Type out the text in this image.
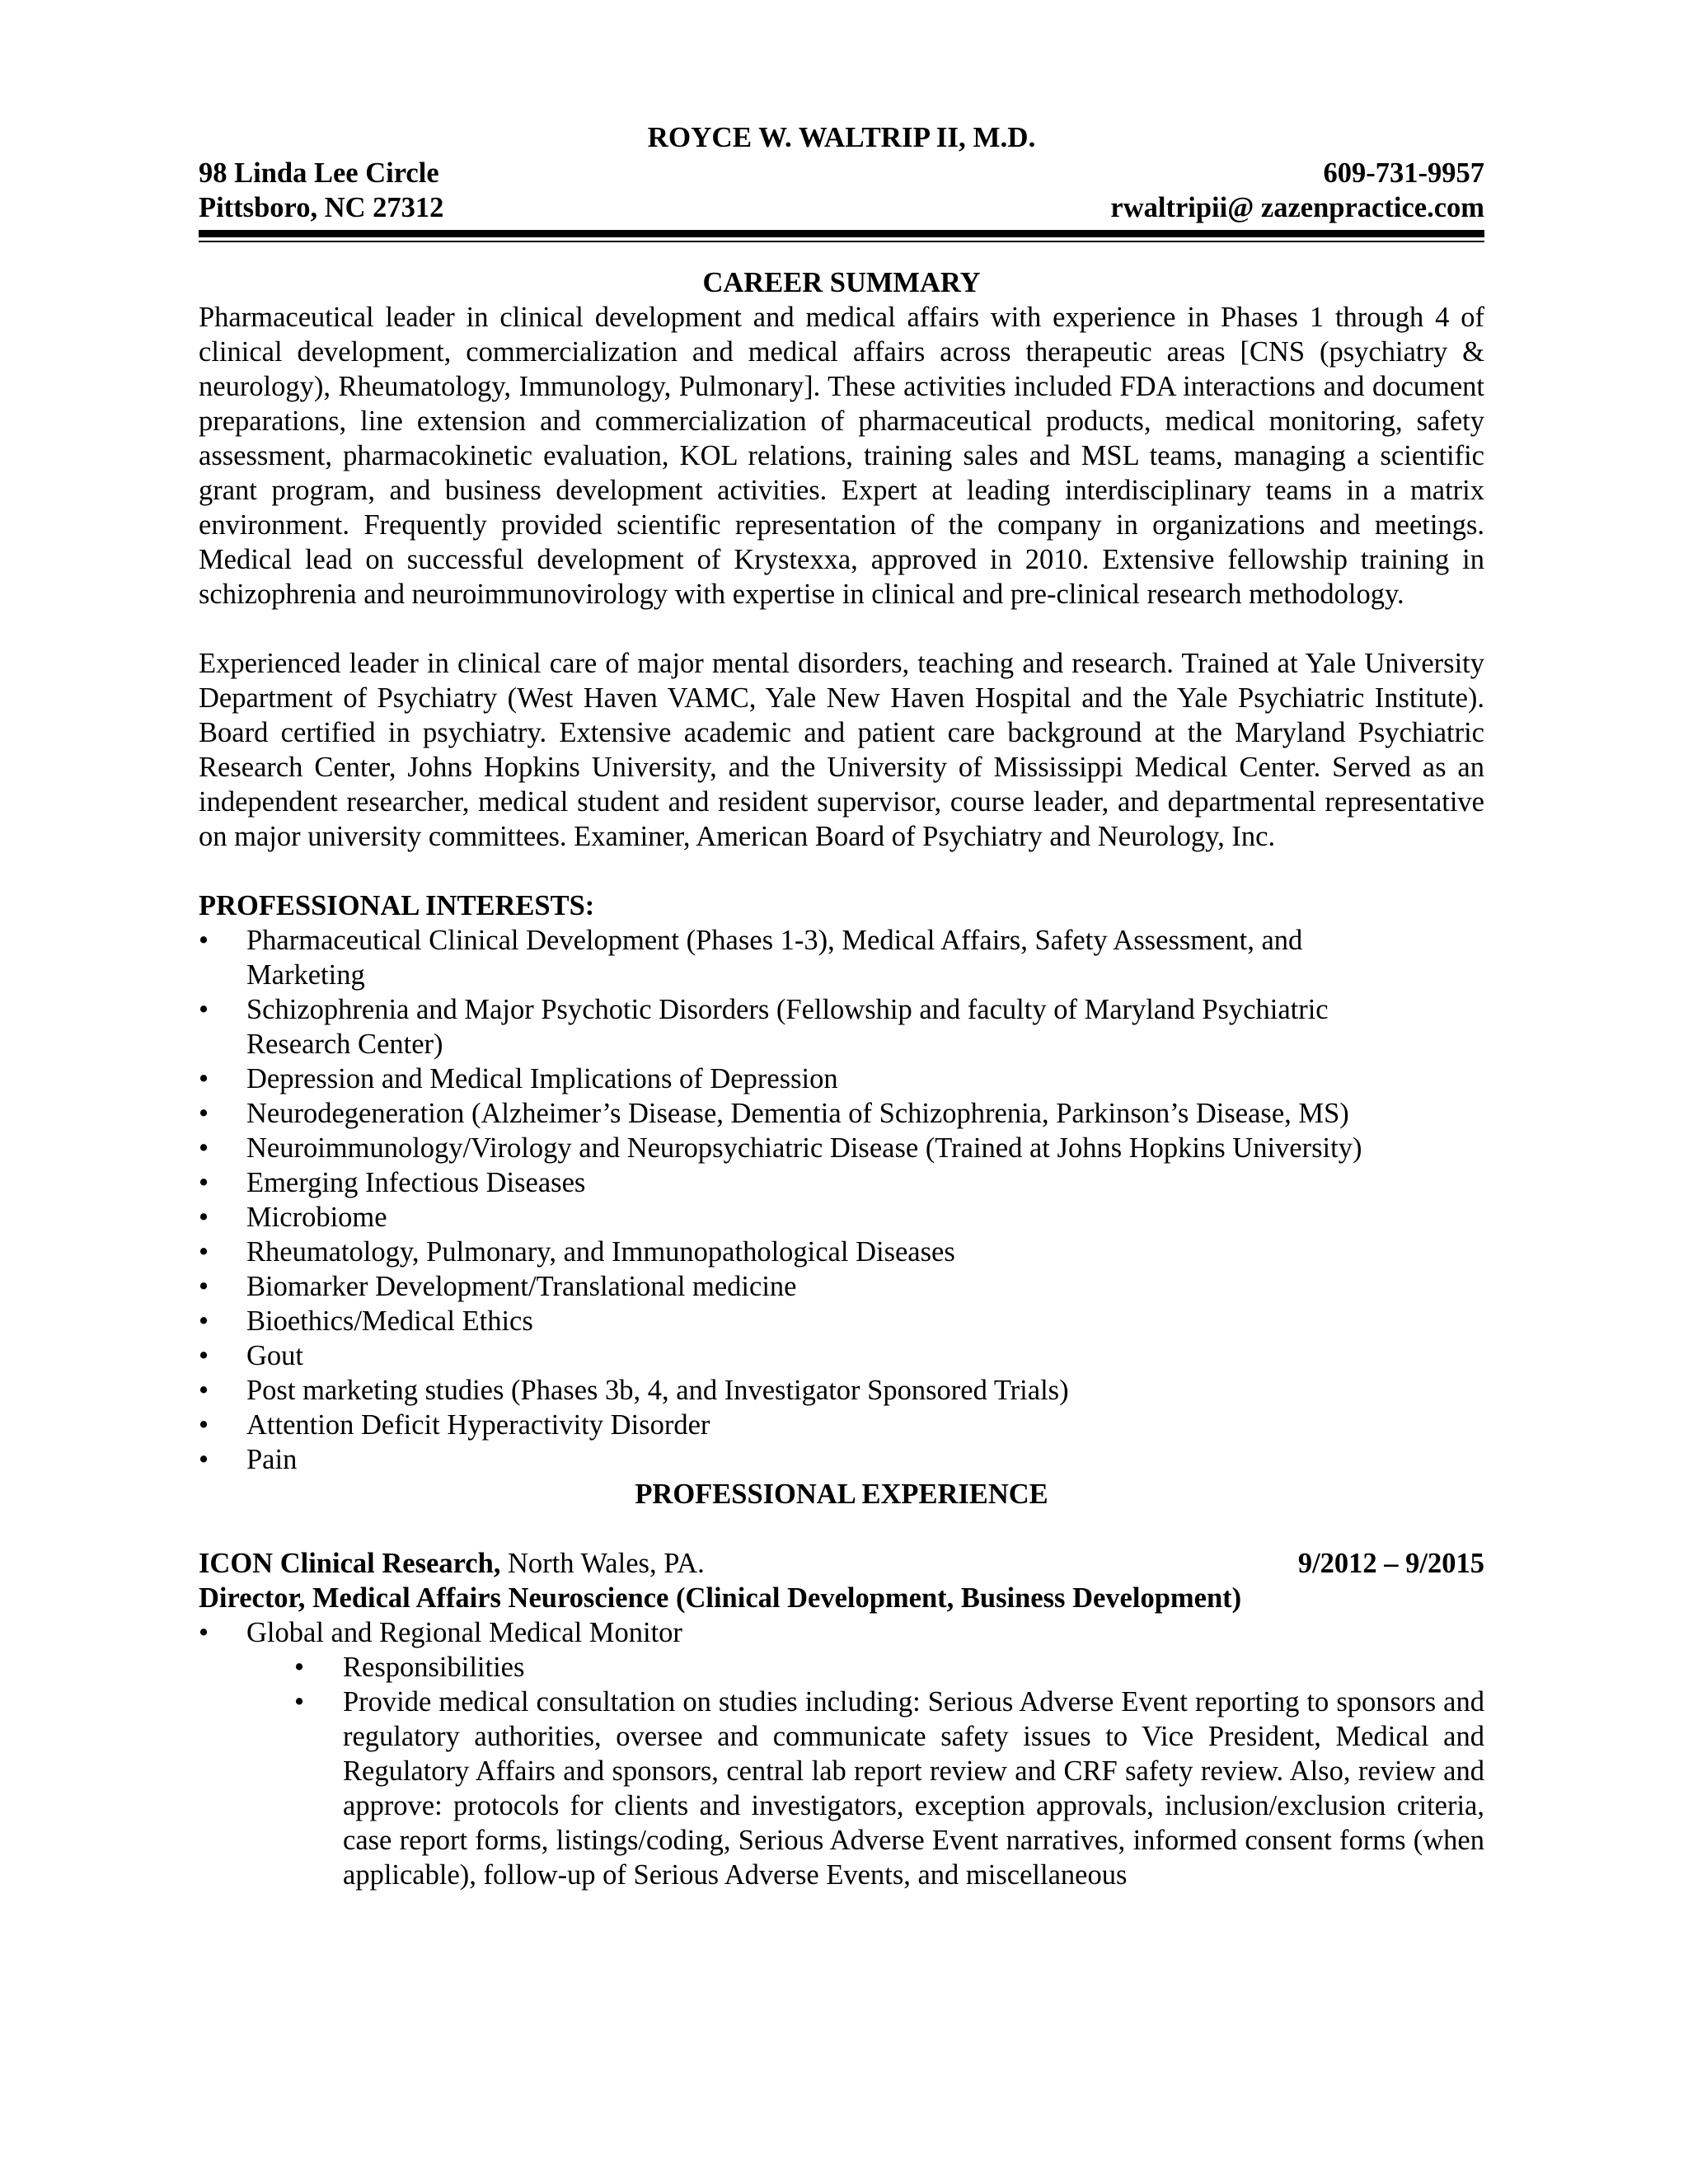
ROYCE W. WALTRIP II, M.D.
98 Linda Lee Circle	609-731-9957
Pittsboro, NC 27312	rwaltripii@ zazenpractice.com
CAREER SUMMARY

Pharmaceutical leader in clinical development and medical affairs with experience in Phases 1 through 4 of clinical development, commercialization and medical affairs across therapeutic areas [CNS (psychiatry & neurology), Rheumatology, Immunology, Pulmonary]. These activities included FDA interactions and document preparations, line extension and commercialization of pharmaceutical products, medical monitoring, safety assessment, pharmacokinetic evaluation, KOL relations, training sales and MSL teams, managing a scientific grant program, and business development activities. Expert at leading interdisciplinary teams in a matrix environment. Frequently provided scientific representation of the company in organizations and meetings. Medical lead on successful development of Krystexxa, approved in 2010. Extensive fellowship training in schizophrenia and neuroimmunovirology with expertise in clinical and pre-clinical research methodology.

Experienced leader in clinical care of major mental disorders, teaching and research. Trained at Yale University Department of Psychiatry (West Haven VAMC, Yale New Haven Hospital and the Yale Psychiatric Institute). Board certified in psychiatry. Extensive academic and patient care background at the Maryland Psychiatric Research Center, Johns Hopkins University, and the University of Mississippi Medical Center. Served as an independent researcher, medical student and resident supervisor, course leader, and departmental representative on major university committees. Examiner, American Board of Psychiatry and Neurology, Inc.

PROFESSIONAL INTERESTS:
• Pharmaceutical Clinical Development (Phases 1-3), Medical Affairs, Safety Assessment, and Marketing
• Schizophrenia and Major Psychotic Disorders (Fellowship and faculty of Maryland Psychiatric Research Center)
• Depression and Medical Implications of Depression
• Neurodegeneration (Alzheimer’s Disease, Dementia of Schizophrenia, Parkinson’s Disease, MS)
• Neuroimmunology/Virology and Neuropsychiatric Disease (Trained at Johns Hopkins University)
• Emerging Infectious Diseases
• Microbiome
• Rheumatology, Pulmonary, and Immunopathological Diseases
• Biomarker Development/Translational medicine
• Bioethics/Medical Ethics
• Gout
• Post marketing studies (Phases 3b, 4, and Investigator Sponsored Trials)
• Attention Deficit Hyperactivity Disorder
• Pain
PROFESSIONAL EXPERIENCE
ICON Clinical Research, North Wales, PA.	9/2012 – 9/2015
Director, Medical Affairs Neuroscience (Clinical Development, Business Development)
• Global and Regional Medical Monitor
• Responsibilities
• Provide medical consultation on studies including: Serious Adverse Event reporting to sponsors and regulatory authorities, oversee and communicate safety issues to Vice President, Medical and Regulatory Affairs and sponsors, central lab report review and CRF safety review. Also, review and approve: protocols for clients and investigators, exception approvals, inclusion/exclusion criteria, case report forms, listings/coding, Serious Adverse Event narratives, informed consent forms (when applicable), follow-up of Serious Adverse Events, and miscellaneous
